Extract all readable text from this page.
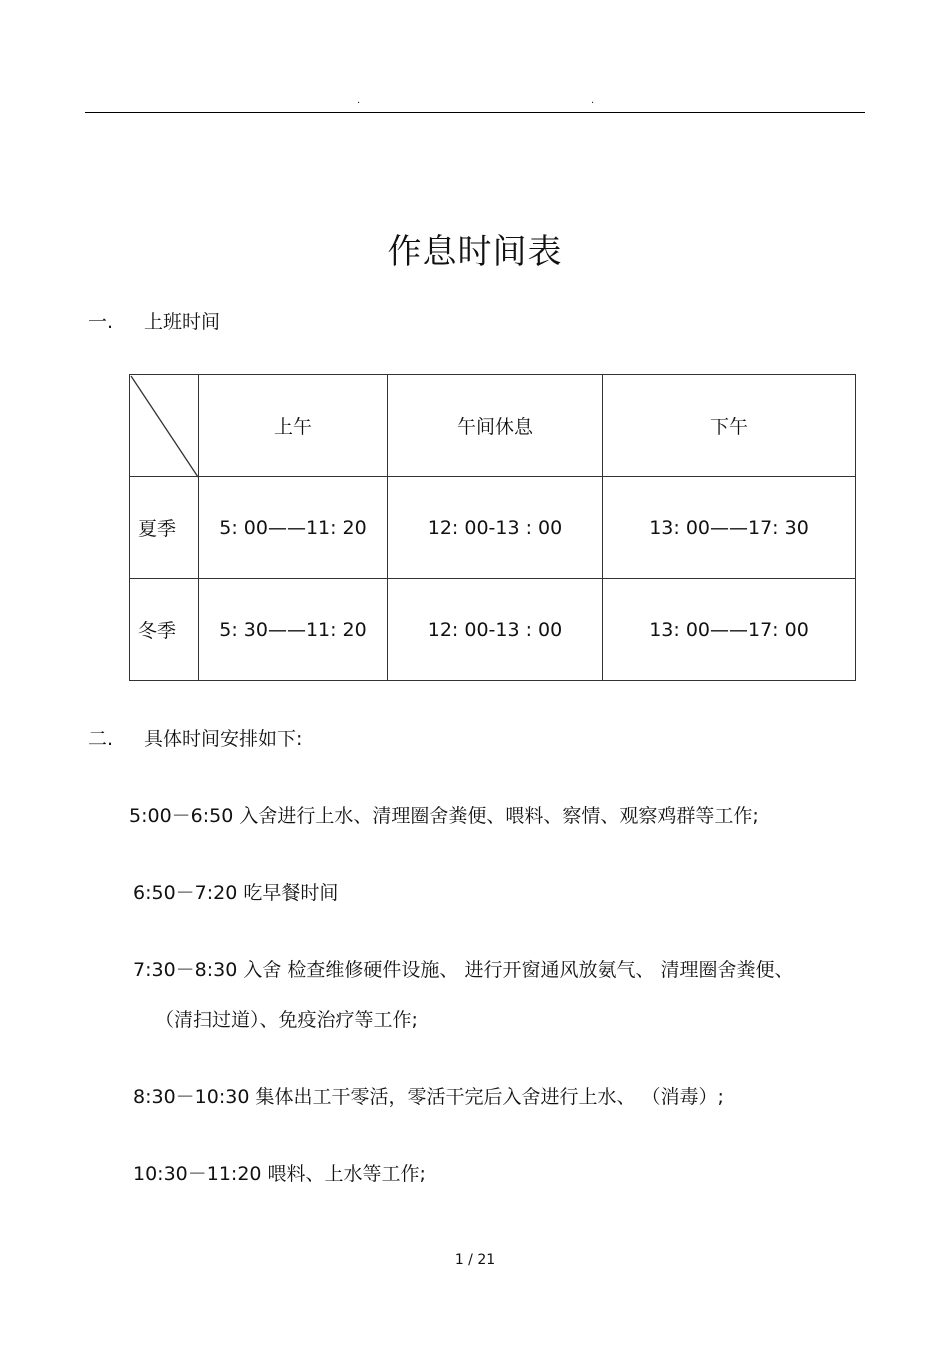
.	.
作息时间表
一. 上班时间
	上午	午间休息	下午
夏季	5: 00——11: 20	12: 00-13 : 00	13: 00——17: 30
冬季	5: 30——11: 20	12: 00-13 : 00	13: 00——17: 00
二. 具体时间安排如下:
5:00－6:50 入舍进行上水、清理圈舍粪便、喂料、察情、观察鸡群等工作;
6:50－7:20 吃早餐时间
7:30－8:30 入舍 检查维修硬件设施、 进行开窗通风放氨气、 清理圈舍粪便、
（清扫过道）、免疫治疗等工作;
8:30－10:30 集体出工干零活，零活干完后入舍进行上水、 （消毒）;
10:30－11:20 喂料、上水等工作;
1 / 21
